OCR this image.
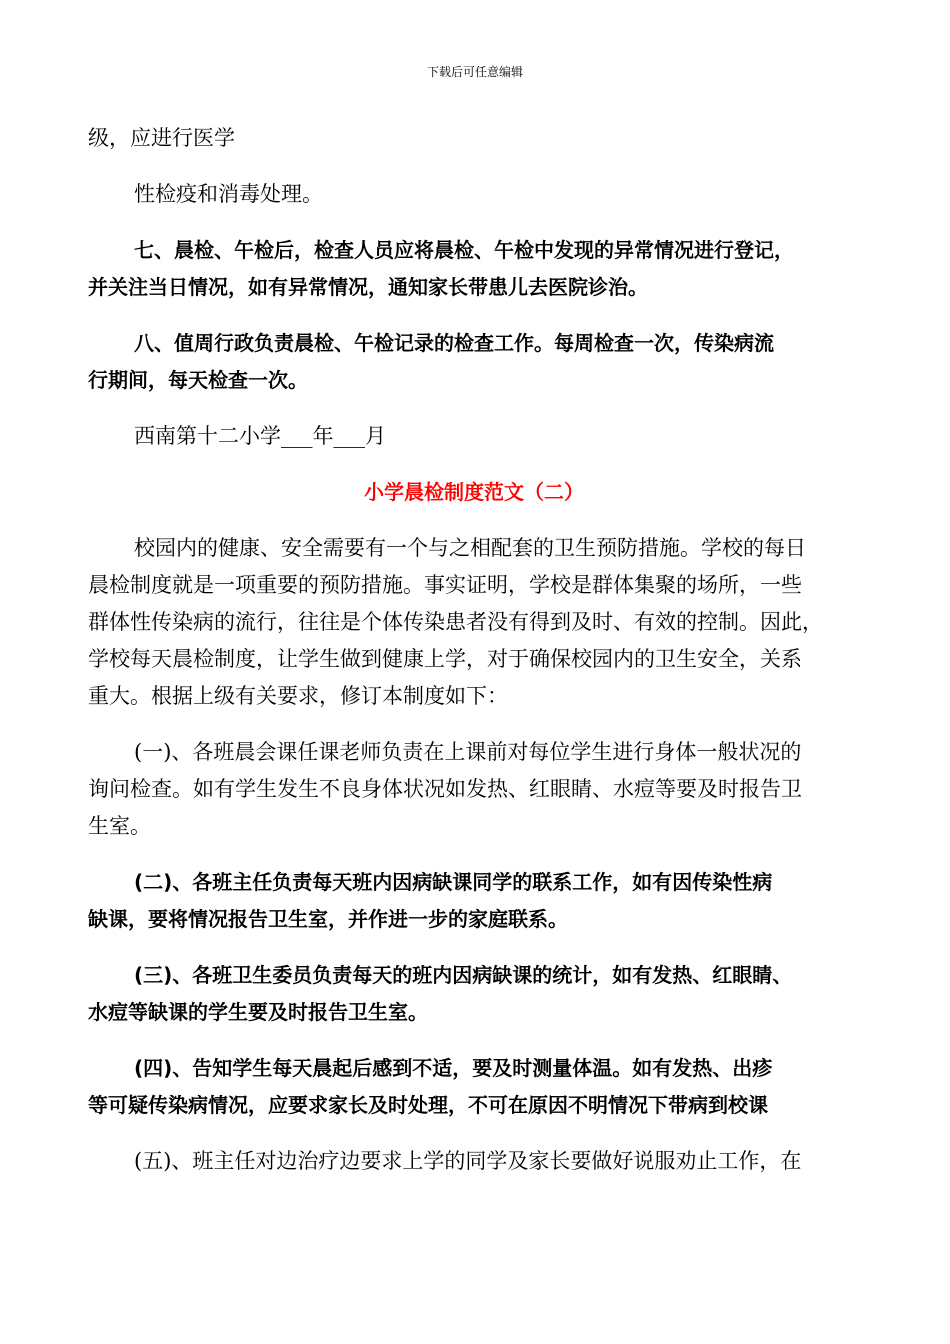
下载后可任意编辑

级，应进行医学

性检疫和消毒处理。

七、晨检、午检后，检查人员应将晨检、午检中发现的异常情况进行登记，

并关注当日情况，如有异常情况，通知家长带患儿去医院诊治。

八、值周行政负责晨检、午检记录的检查工作。每周检查一次，传染病流

行期间，每天检查一次。

西南第十二小学___年___月

小学晨检制度范文（二）

校园内的健康、安全需要有一个与之相配套的卫生预防措施。学校的每日

晨检制度就是一项重要的预防措施。事实证明，学校是群体集聚的场所，一些

群体性传染病的流行，往往是个体传染患者没有得到及时、有效的控制。因此，

学校每天晨检制度，让学生做到健康上学，对于确保校园内的卫生安全，关系

重大。根据上级有关要求，修订本制度如下：

(一)、各班晨会课任课老师负责在上课前对每位学生进行身体一般状况的

询问检查。如有学生发生不良身体状况如发热、红眼睛、水痘等要及时报告卫

生室。

(二)、各班主任负责每天班内因病缺课同学的联系工作，如有因传染性病

缺课，要将情况报告卫生室，并作进一步的家庭联系。

(三)、各班卫生委员负责每天的班内因病缺课的统计，如有发热、红眼睛、

水痘等缺课的学生要及时报告卫生室。

(四)、告知学生每天晨起后感到不适，要及时测量体温。如有发热、出疹

等可疑传染病情况，应要求家长及时处理，不可在原因不明情况下带病到校课

(五)、班主任对边治疗边要求上学的同学及家长要做好说服劝止工作，在
